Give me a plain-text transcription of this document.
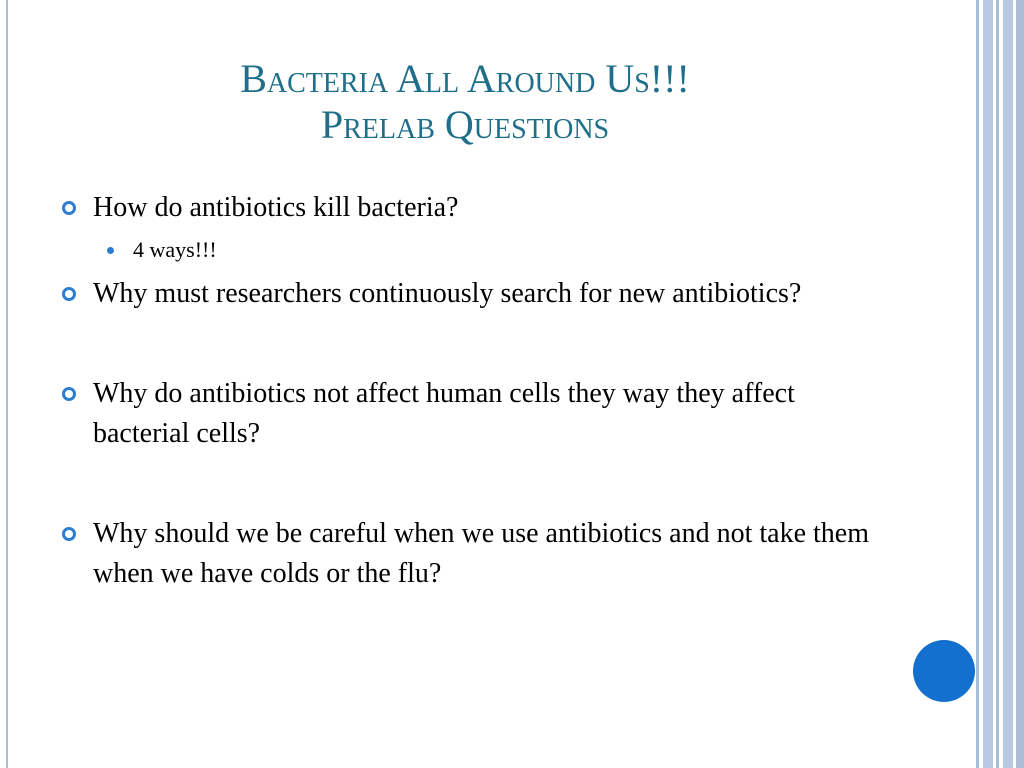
Bacteria All Around Us!!!
Prelab Questions
How do antibiotics kill bacteria?
4 ways!!!
Why must researchers continuously search for new antibiotics?
Why do antibiotics not affect human cells they way they affect bacterial cells?
Why should we be careful when we use antibiotics and not take them when we have colds or the flu?
